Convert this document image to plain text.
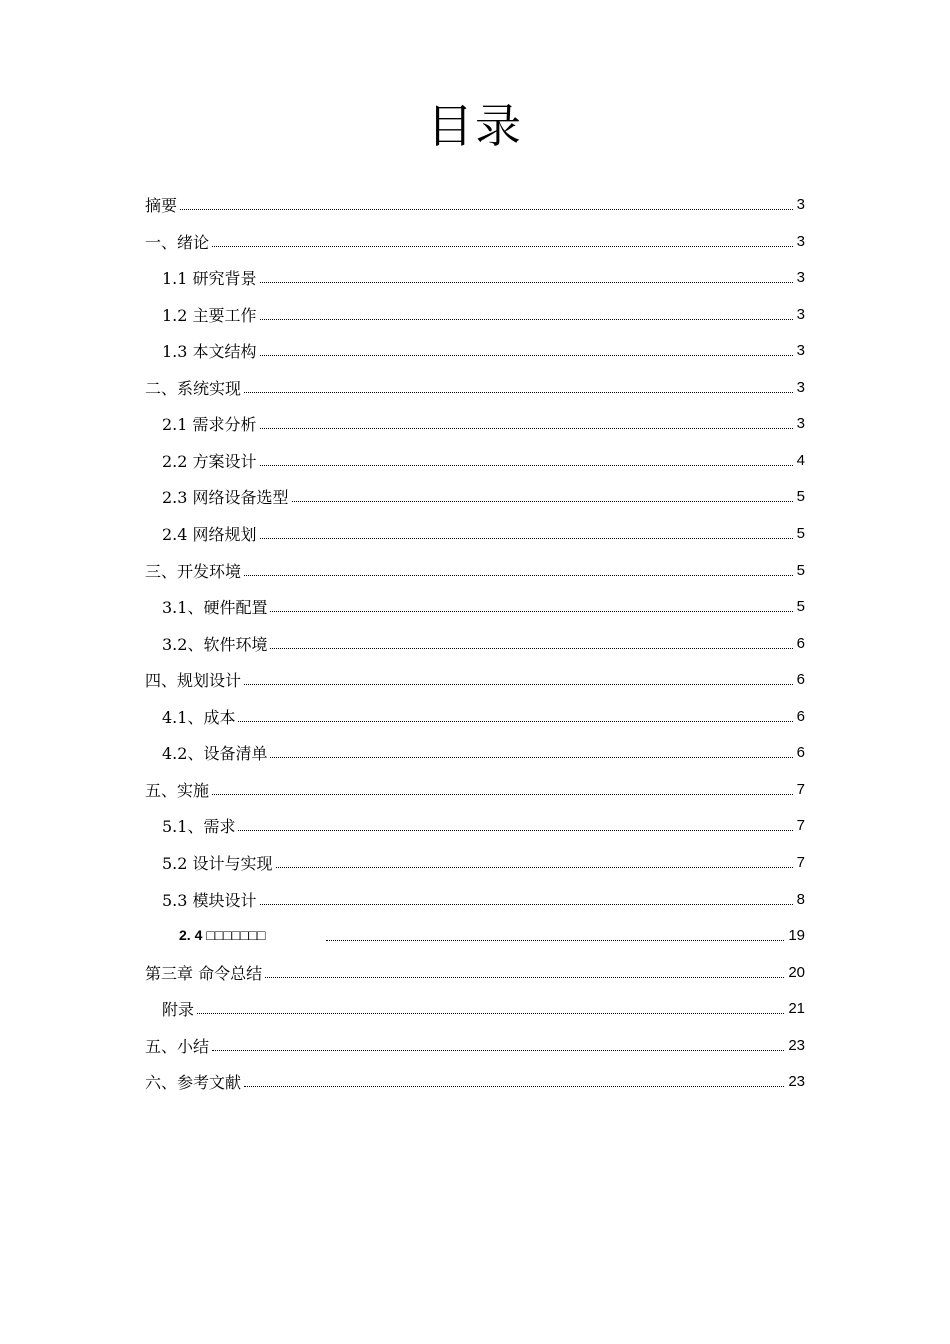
目录
摘要	3
一、绪论	3
1.1 研究背景	3
1.2 主要工作	3
1.3 本文结构	3
二、系统实现	3
2.1 需求分析	3
2.2 方案设计	4
2.3 网络设备选型	5
2.4 网络规划	5
三、开发环境	5
3.1、硬件配置	5
3.2、软件环境	6
四、规划设计	6
4.1、成本	6
4.2、设备清单	6
五、实施	7
5.1、需求	7
5.2 设计与实现	7
5.3 模块设计	8
2. 4 □□□□□□□	19
第三章 命令总结	20
附录	21
五、小结	23
六、参考文献	23
